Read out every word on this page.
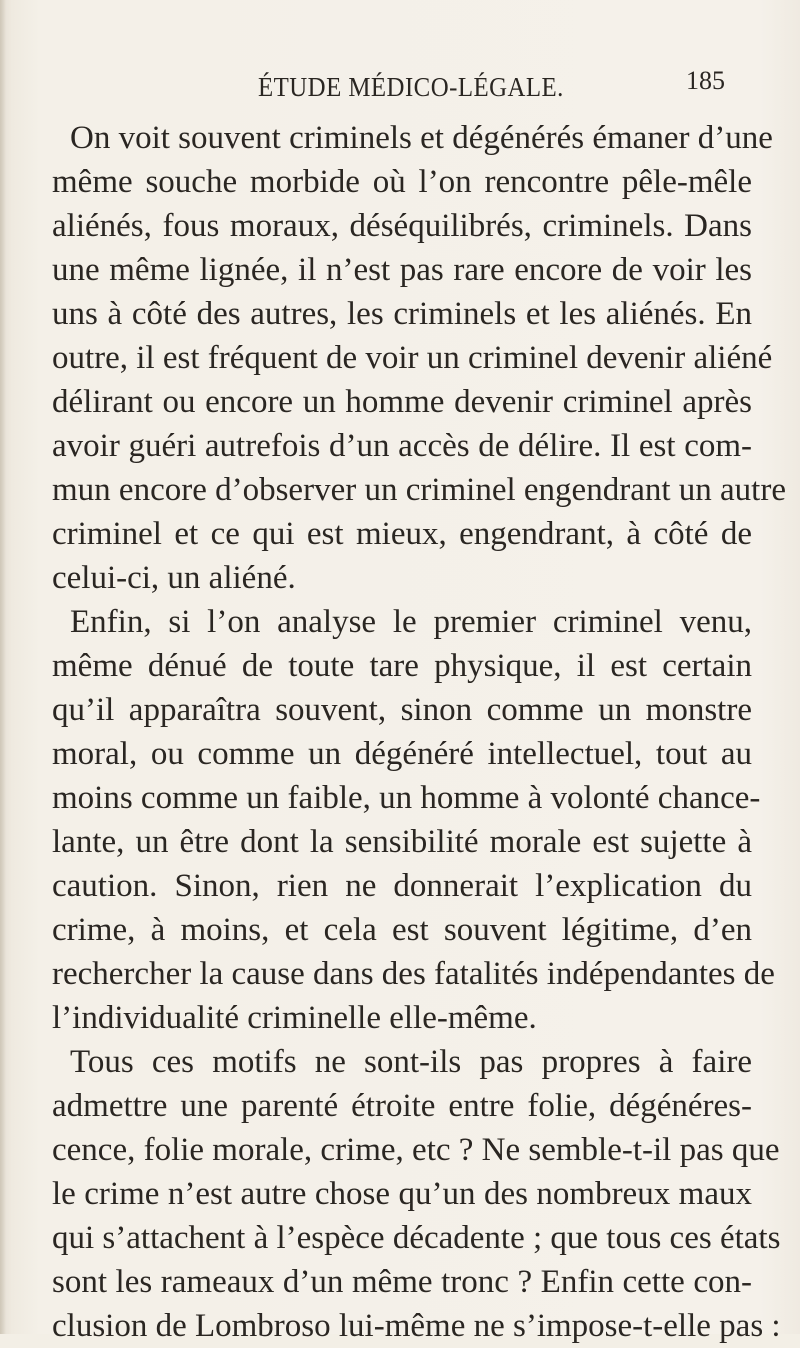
ÉTUDE MÉDICO-LÉGALE.	185
On voit souvent criminels et dégénérés émaner d’une
même souche morbide où l’on rencontre pêle-mêle
aliénés, fous moraux, déséquilibrés, criminels. Dans
une même lignée, il n’est pas rare encore de voir les
uns à côté des autres, les criminels et les aliénés. En
outre, il est fréquent de voir un criminel devenir aliéné
délirant ou encore un homme devenir criminel après
avoir guéri autrefois d’un accès de délire. Il est com-
mun encore d’observer un criminel engendrant un autre
criminel et ce qui est mieux, engendrant, à côté de
celui-ci, un aliéné.
Enfin, si l’on analyse le premier criminel venu,
même dénué de toute tare physique, il est certain
qu’il apparaîtra souvent, sinon comme un monstre
moral, ou comme un dégénéré intellectuel, tout au
moins comme un faible, un homme à volonté chance-
lante, un être dont la sensibilité morale est sujette à
caution. Sinon, rien ne donnerait l’explication du
crime, à moins, et cela est souvent légitime, d’en
rechercher la cause dans des fatalités indépendantes de
l’individualité criminelle elle-même.
Tous ces motifs ne sont-ils pas propres à faire
admettre une parenté étroite entre folie, dégénéres-
cence, folie morale, crime, etc ? Ne semble-t-il pas que
le crime n’est autre chose qu’un des nombreux maux
qui s’attachent à l’espèce décadente ; que tous ces états
sont les rameaux d’un même tronc ? Enfin cette con-
clusion de Lombroso lui-même ne s’impose-t-elle pas :
